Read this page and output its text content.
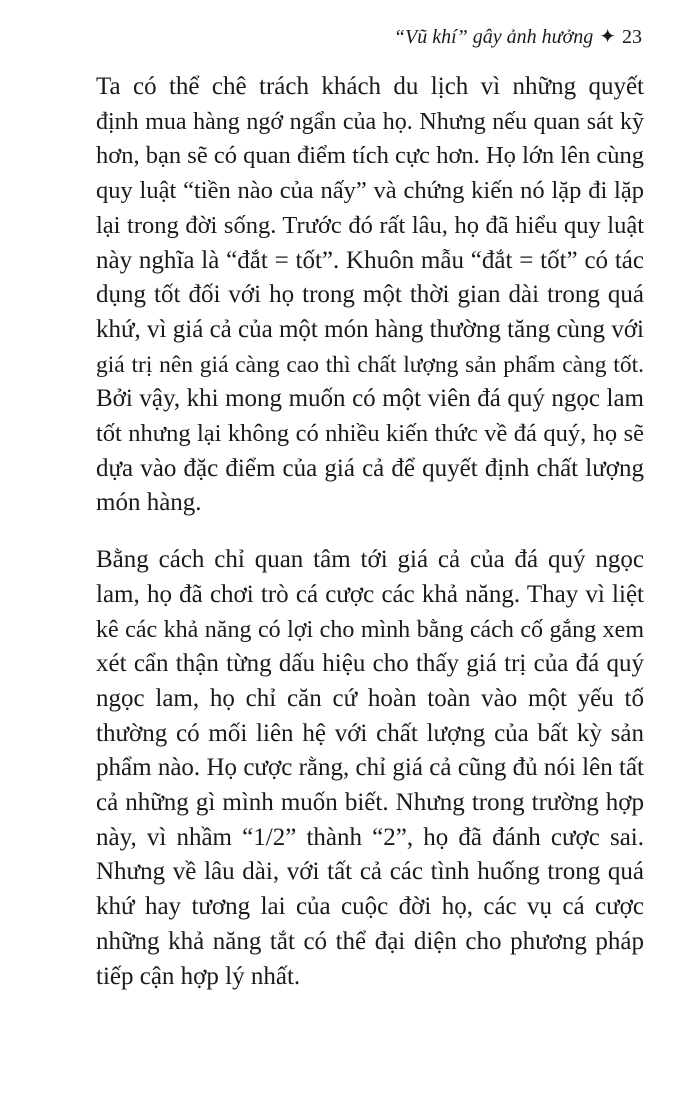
“Vũ khí” gây ảnh hưởng ✦ 23

Ta có thể chê trách khách du lịch vì những quyết
định mua hàng ngớ ngẩn của họ. Nhưng nếu quan sát kỹ
hơn, bạn sẽ có quan điểm tích cực hơn. Họ lớn lên cùng
quy luật “tiền nào của nấy” và chứng kiến nó lặp đi lặp
lại trong đời sống. Trước đó rất lâu, họ đã hiểu quy luật
này nghĩa là “đắt = tốt”. Khuôn mẫu “đắt = tốt” có tác
dụng tốt đối với họ trong một thời gian dài trong quá
khứ, vì giá cả của một món hàng thường tăng cùng với
giá trị nên giá càng cao thì chất lượng sản phẩm càng tốt.
Bởi vậy, khi mong muốn có một viên đá quý ngọc lam
tốt nhưng lại không có nhiều kiến thức về đá quý, họ sẽ
dựa vào đặc điểm của giá cả để quyết định chất lượng
món hàng.

Bằng cách chỉ quan tâm tới giá cả của đá quý ngọc
lam, họ đã chơi trò cá cược các khả năng. Thay vì liệt
kê các khả năng có lợi cho mình bằng cách cố gắng xem
xét cẩn thận từng dấu hiệu cho thấy giá trị của đá quý
ngọc lam, họ chỉ căn cứ hoàn toàn vào một yếu tố
thường có mối liên hệ với chất lượng của bất kỳ sản
phẩm nào. Họ cược rằng, chỉ giá cả cũng đủ nói lên tất
cả những gì mình muốn biết. Nhưng trong trường hợp
này, vì nhầm “1/2” thành “2”, họ đã đánh cược sai.
Nhưng về lâu dài, với tất cả các tình huống trong quá
khứ hay tương lai của cuộc đời họ, các vụ cá cược
những khả năng tắt có thể đại diện cho phương pháp
tiếp cận hợp lý nhất.
